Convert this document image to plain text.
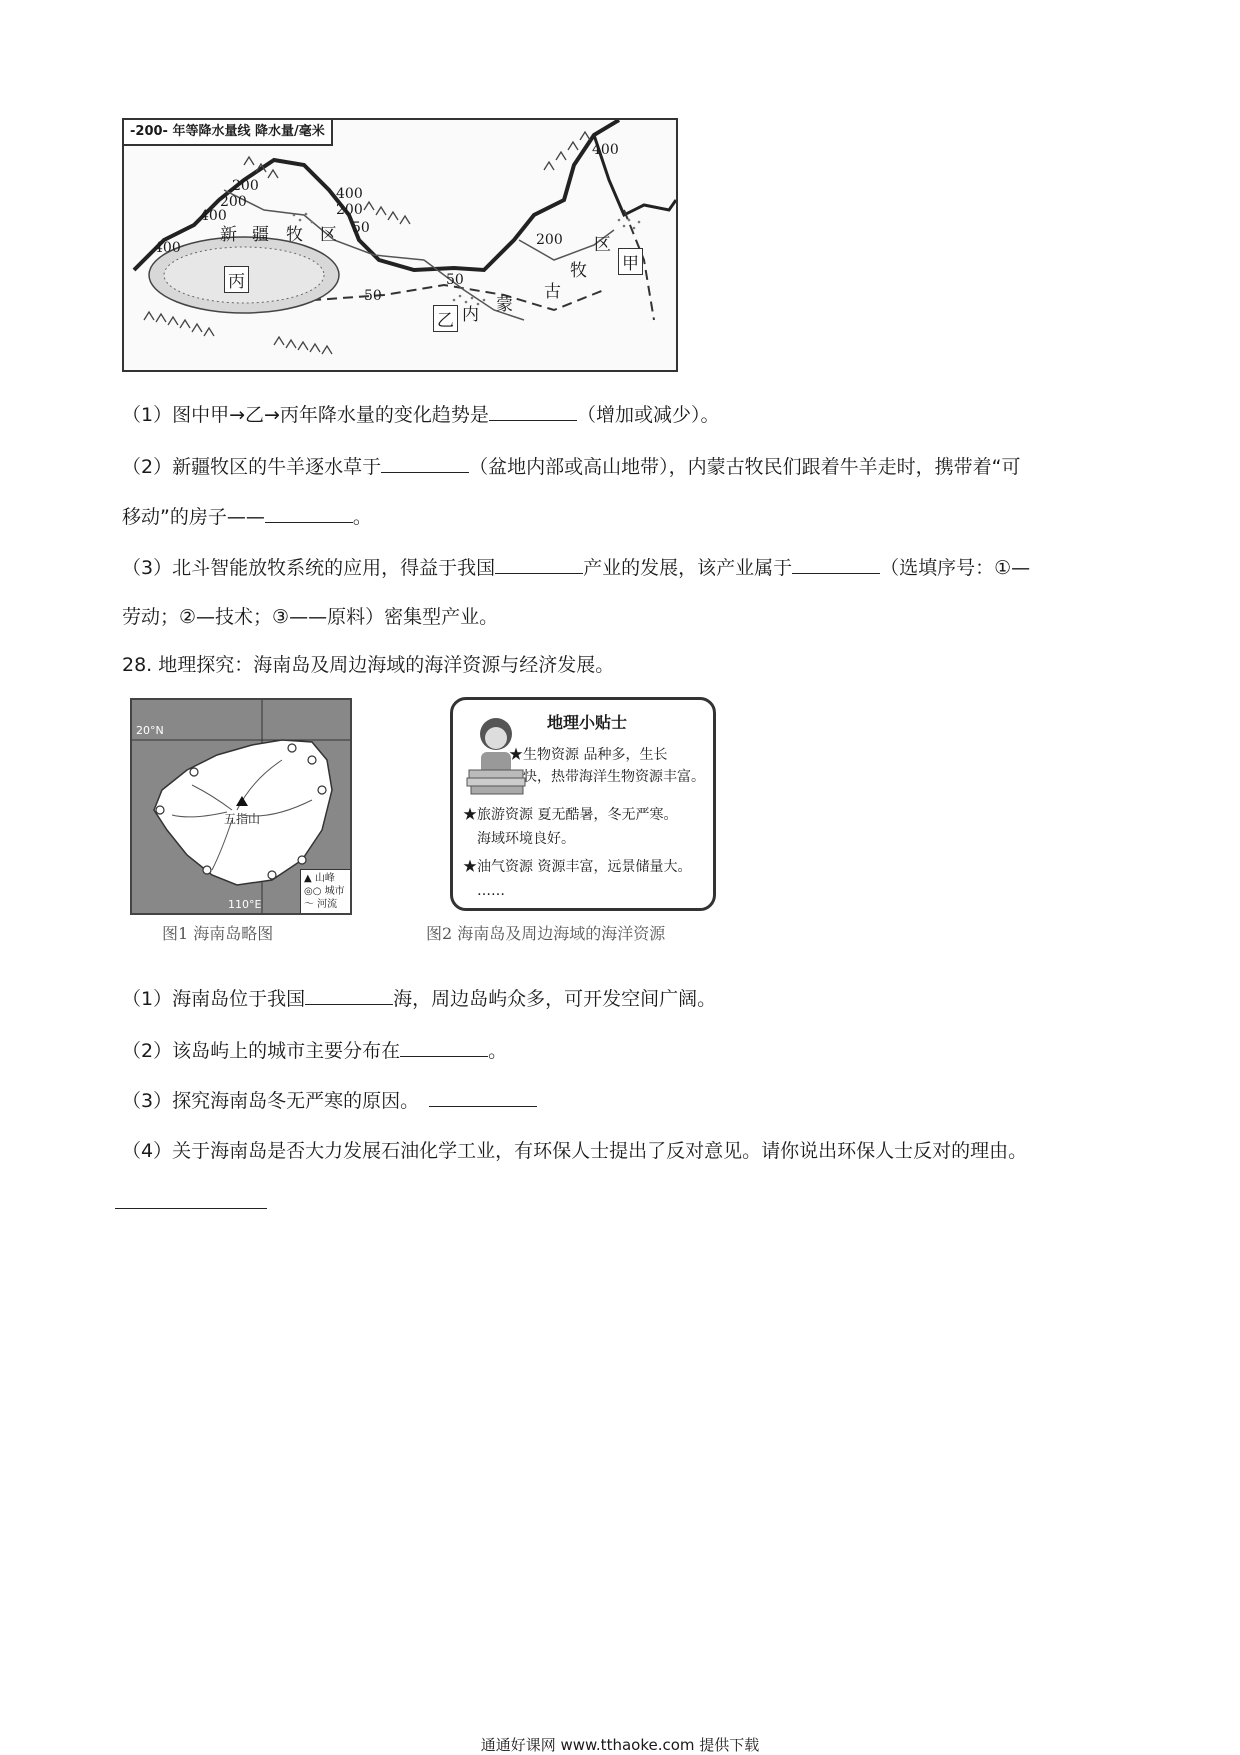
-200- 年等降水量线 降水量/毫米
400
200
200	400
400	200
50
400	200
50
50
新 疆 牧 区
内 蒙
古
牧
区
甲
乙
丙
（1）图中甲→乙→丙年降水量的变化趋势是	（增加或减少）。
（2）新疆牧区的牛羊逐水草于	（盆地内部或高山地带），内蒙古牧民们跟着牛羊走时，携带着“可
移动”的房子——	。
（3）北斗智能放牧系统的应用，得益于我国	产业的发展，该产业属于	（选填序号：①—
劳动；②—技术；③——原料）密集型产业。
28. 地理探究：海南岛及周边海域的海洋资源与经济发展。
20°N
110°E
五指山
▲ 山峰
◎○ 城市
〜 河流
图1 海南岛略图
地理小贴士
★生物资源 品种多，生长
快，热带海洋生物资源丰富。
★旅游资源 夏无酷暑，冬无严寒。
海域环境良好。
★油气资源 资源丰富，远景储量大。
……
图2 海南岛及周边海域的海洋资源
（1）海南岛位于我国	海，周边岛屿众多，可开发空间广阔。
（2）该岛屿上的城市主要分布在	。
（3）探究海南岛冬无严寒的原因。
（4）关于海南岛是否大力发展石油化学工业，有环保人士提出了反对意见。请你说出环保人士反对的理由。
通通好课网 www.tthaoke.com 提供下载
